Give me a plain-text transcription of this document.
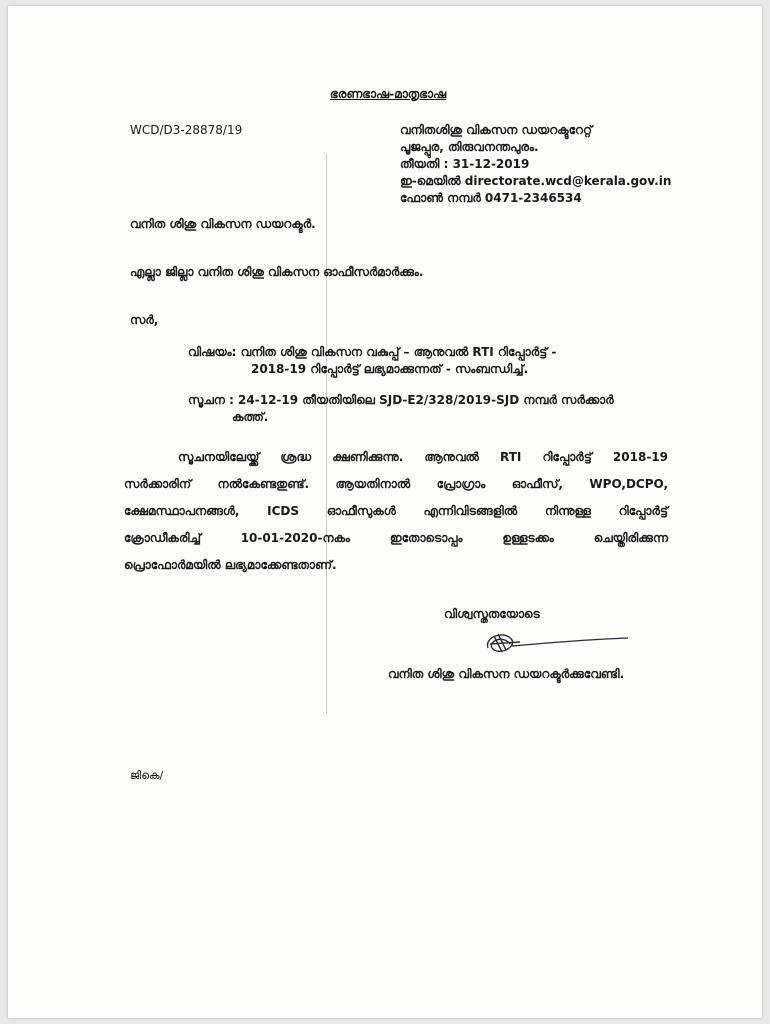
ഭരണഭാഷ-മാതൃഭാഷ
WCD/D3-28878/19	വനിതശിശു വികസന ഡയറക്ടറേറ്റ്
പൂജപ്പുര, തിരുവനന്തപുരം.
തീയതി : 31-12-2019
ഇ-മെയിൽ directorate.wcd@kerala.gov.in
ഫോൺ നമ്പർ 0471-2346534
വനിത ശിശു വികസന ഡയറക്ടർ.
എല്ലാ ജില്ലാ വനിത ശിശു വികസന ഓഫീസർമാർക്കും.
സർ,
വിഷയം: വനിത ശിശു വികസന വകുപ്പ് – ആനുവൽ RTI റിപ്പോർട്ട് -
2018-19 റിപ്പോർട്ട് ലഭ്യമാക്കുന്നത് - സംബന്ധിച്ച്.
സൂചന : 24-12-19 തീയതിയിലെ SJD-E2/328/2019-SJD നമ്പർ സർക്കാർ
കത്ത്.
സൂചനയിലേയ്ക്ക് ശ്രദ്ധ ക്ഷണിക്കുന്നു. ആനുവൽ RTI റിപ്പോർട്ട് 2018-19
സർക്കാരിന് നൽകേണ്ടതുണ്ട്. ആയതിനാൽ പ്രോഗ്രാം ഓഫീസ്, WPO,DCPO,
ക്ഷേമസ്ഥാപനങ്ങൾ, ICDS ഓഫീസുകൾ എന്നിവിടങ്ങളിൽ നിന്നുള്ള റിപ്പോർട്ട്
ക്രോഡീകരിച്ച് 10-01-2020-നകം ഇതോടൊപ്പം ഉള്ളടക്കം ചെയ്തിരിക്കുന്ന
പ്രൊഫോർമയിൽ ലഭ്യമാക്കേണ്ടതാണ്.
വിശ്വസ്തതയോടെ
വനിത ശിശു വികസന ഡയറക്ടർക്കുവേണ്ടി.
ജികെ/
